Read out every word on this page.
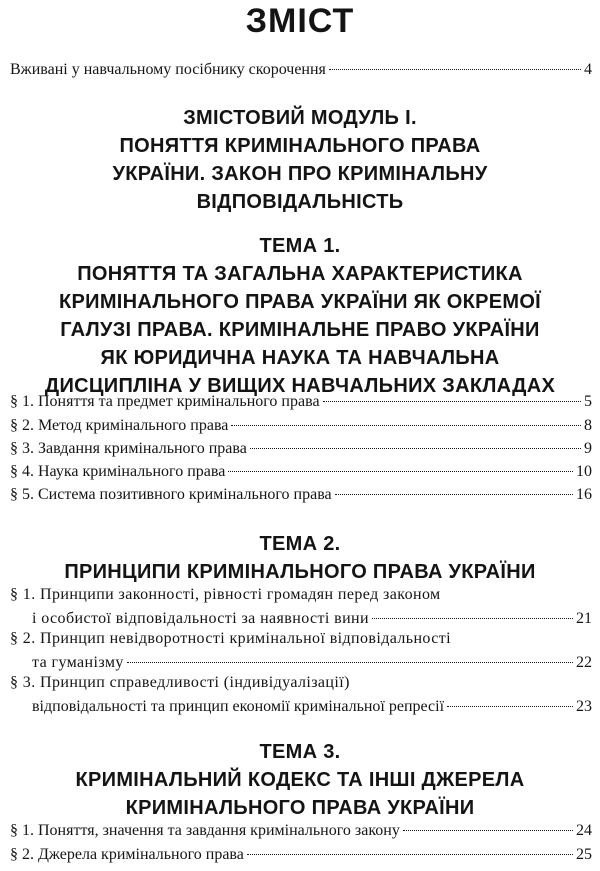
ЗМІСТ
Вживані у навчальному посібнику скорочення	4
ЗМІСТОВИЙ МОДУЛЬ І.
ПОНЯТТЯ КРИМІНАЛЬНОГО ПРАВА
УКРАЇНИ. ЗАКОН ПРО КРИМІНАЛЬНУ
ВІДПОВІДАЛЬНІСТЬ
ТЕМА 1.
ПОНЯТТЯ ТА ЗАГАЛЬНА ХАРАКТЕРИСТИКА
КРИМІНАЛЬНОГО ПРАВА УКРАЇНИ ЯК ОКРЕМОЇ
ГАЛУЗІ ПРАВА. КРИМІНАЛЬНЕ ПРАВО УКРАЇНИ
ЯК ЮРИДИЧНА НАУКА ТА НАВЧАЛЬНА
ДИСЦИПЛІНА У ВИЩИХ НАВЧАЛЬНИХ ЗАКЛАДАХ
§ 1. Поняття та предмет кримінального права	5
§ 2. Метод кримінального права	8
§ 3. Завдання кримінального права	9
§ 4. Наука кримінального права	10
§ 5. Система позитивного кримінального права	16
ТЕМА 2.
ПРИНЦИПИ КРИМІНАЛЬНОГО ПРАВА УКРАЇНИ
§ 1. Принципи законності, рівності громадян перед законом
і особистої відповідальності за наявності вини	21
§ 2. Принцип невідворотності кримінальної відповідальності
та гуманізму	22
§ 3. Принцип справедливості (індивідуалізації)
відповідальності та принцип економії кримінальної репресії	23
ТЕМА 3.
КРИМІНАЛЬНИЙ КОДЕКС ТА ІНШІ ДЖЕРЕЛА
КРИМІНАЛЬНОГО ПРАВА УКРАЇНИ
§ 1. Поняття, значення та завдання кримінального закону	24
§ 2. Джерела кримінального права	25
